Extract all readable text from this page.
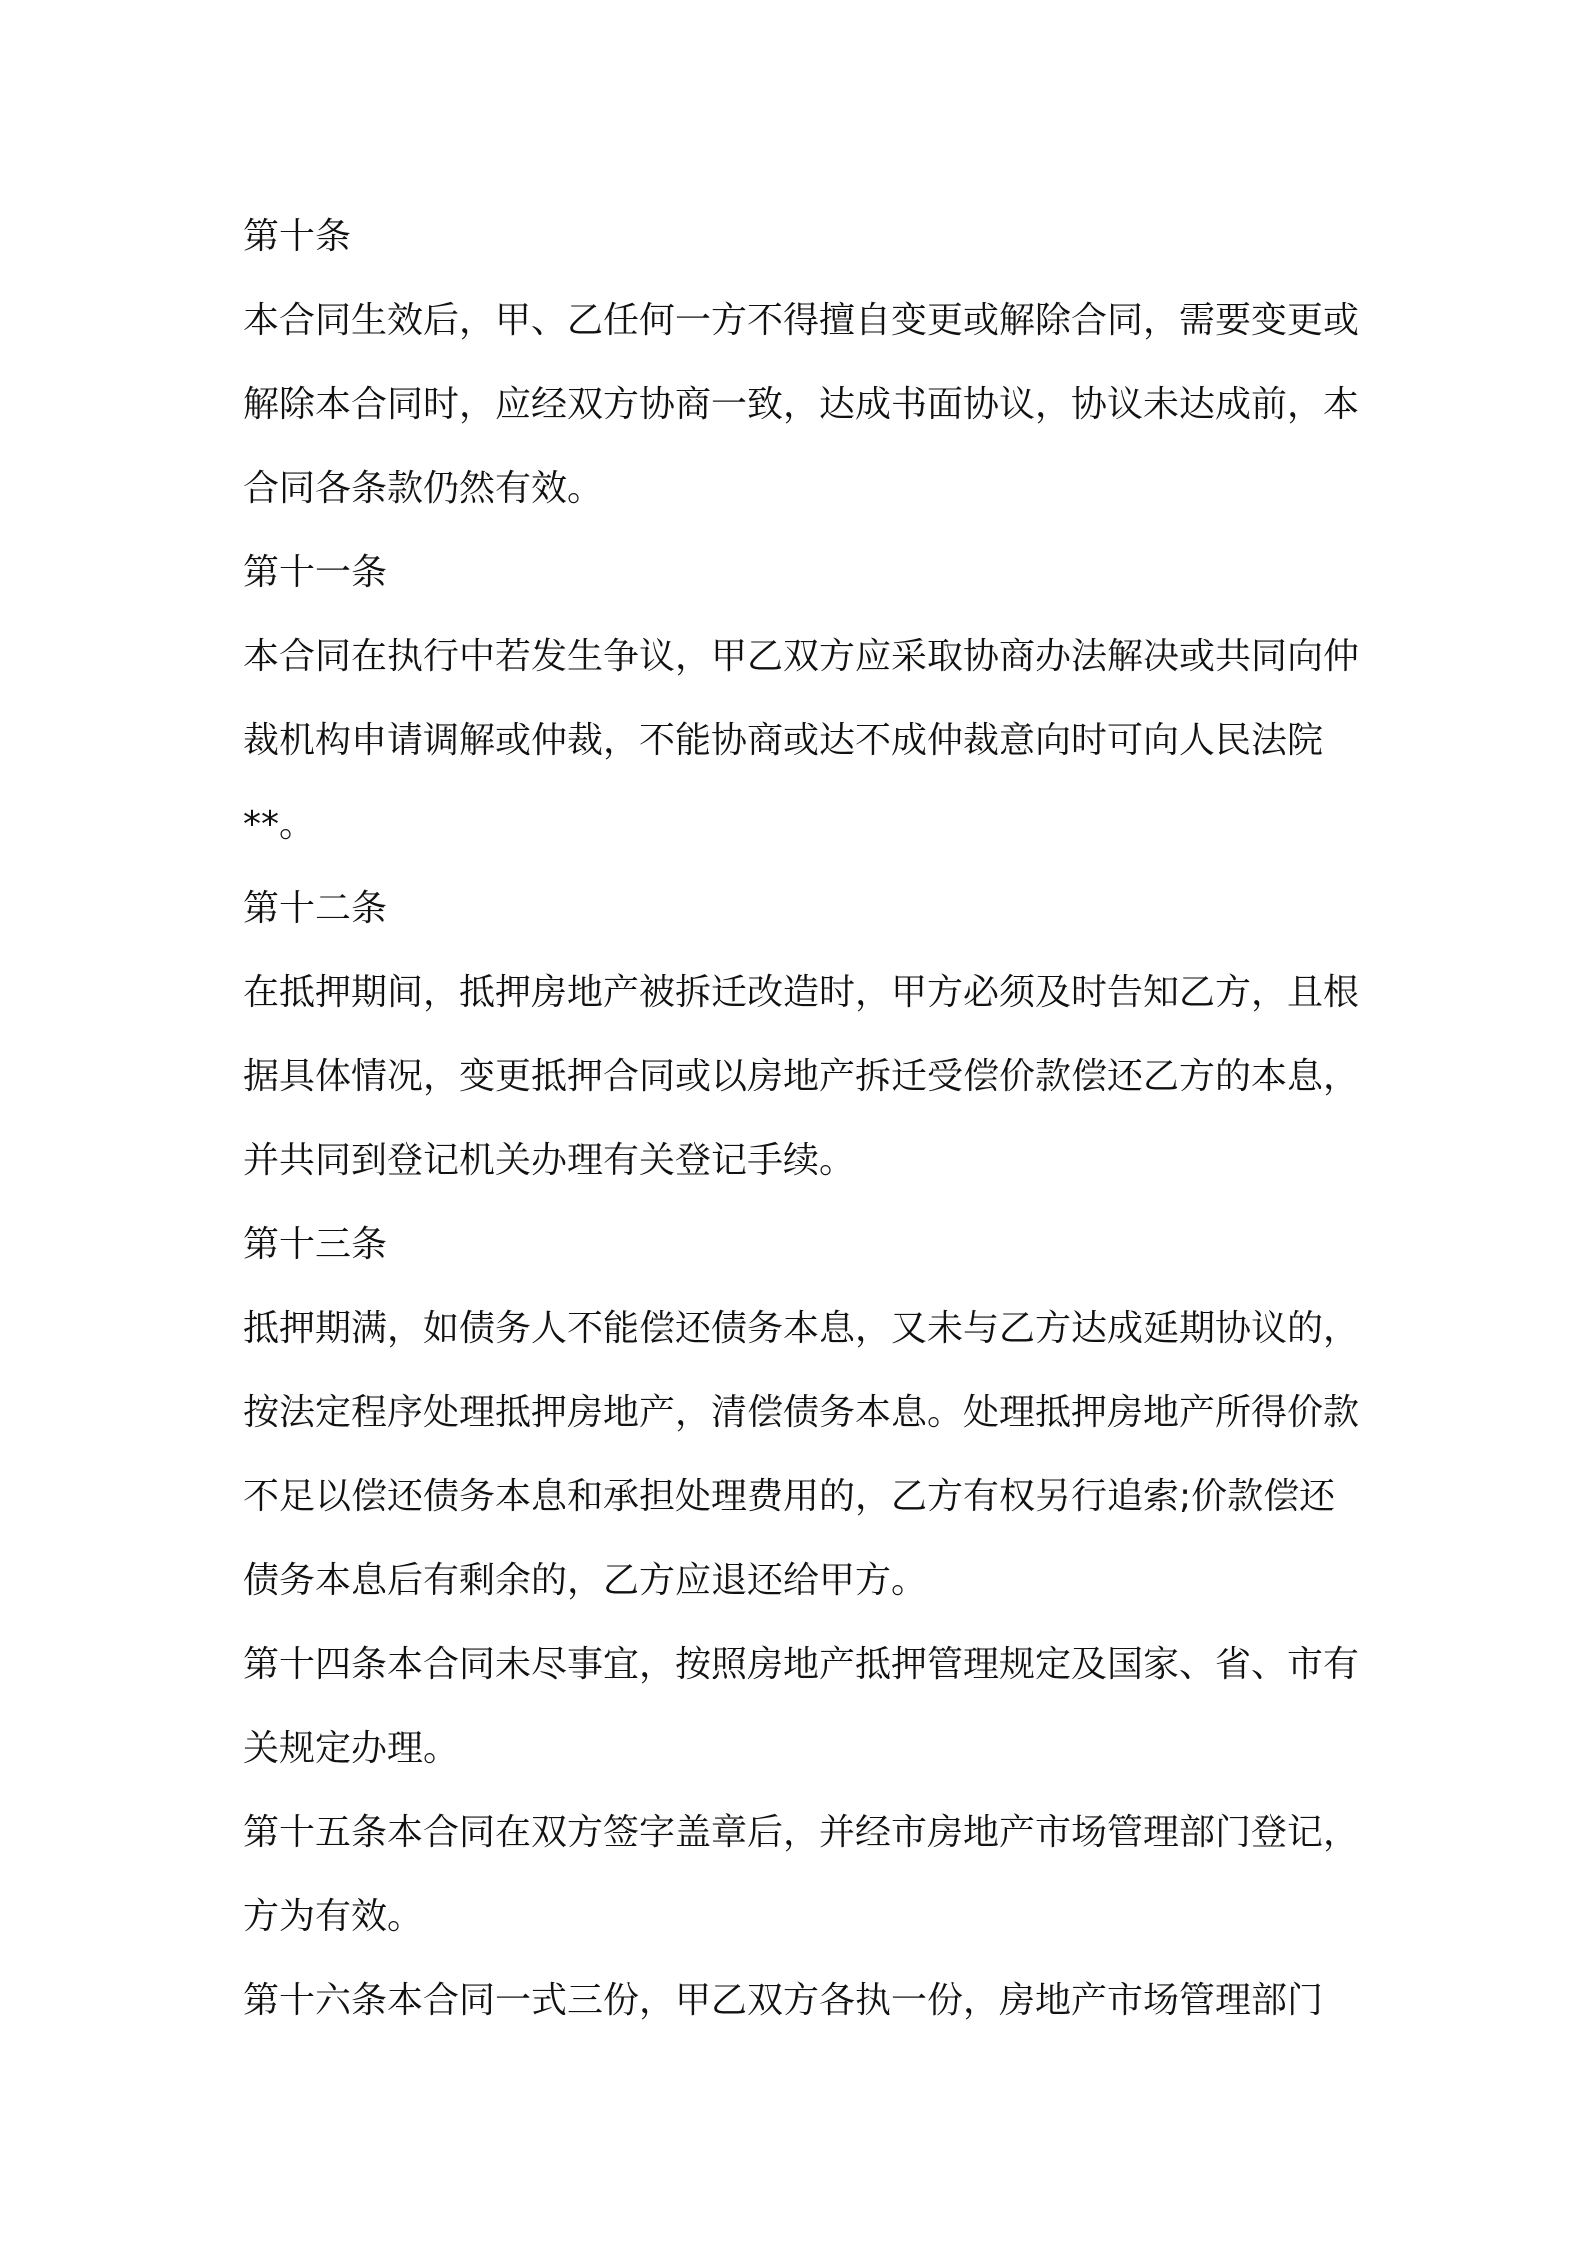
第十条

本合同生效后，甲、乙任何一方不得擅自变更或解除合同，需要变更或解除本合同时，应经双方协商一致，达成书面协议，协议未达成前，本合同各条款仍然有效。

第十一条

本合同在执行中若发生争议，甲乙双方应采取协商办法解决或共同向仲裁机构申请调解或仲裁，不能协商或达不成仲裁意向时可向人民法院**。

第十二条

在抵押期间，抵押房地产被拆迁改造时，甲方必须及时告知乙方，且根据具体情况，变更抵押合同或以房地产拆迁受偿价款偿还乙方的本息，并共同到登记机关办理有关登记手续。

第十三条

抵押期满，如债务人不能偿还债务本息，又未与乙方达成延期协议的，按法定程序处理抵押房地产，清偿债务本息。处理抵押房地产所得价款不足以偿还债务本息和承担处理费用的，乙方有权另行追索;价款偿还债务本息后有剩余的，乙方应退还给甲方。

第十四条本合同未尽事宜，按照房地产抵押管理规定及国家、省、市有关规定办理。

第十五条本合同在双方签字盖章后，并经市房地产市场管理部门登记，方为有效。

第十六条本合同一式三份，甲乙双方各执一份，房地产市场管理部门
